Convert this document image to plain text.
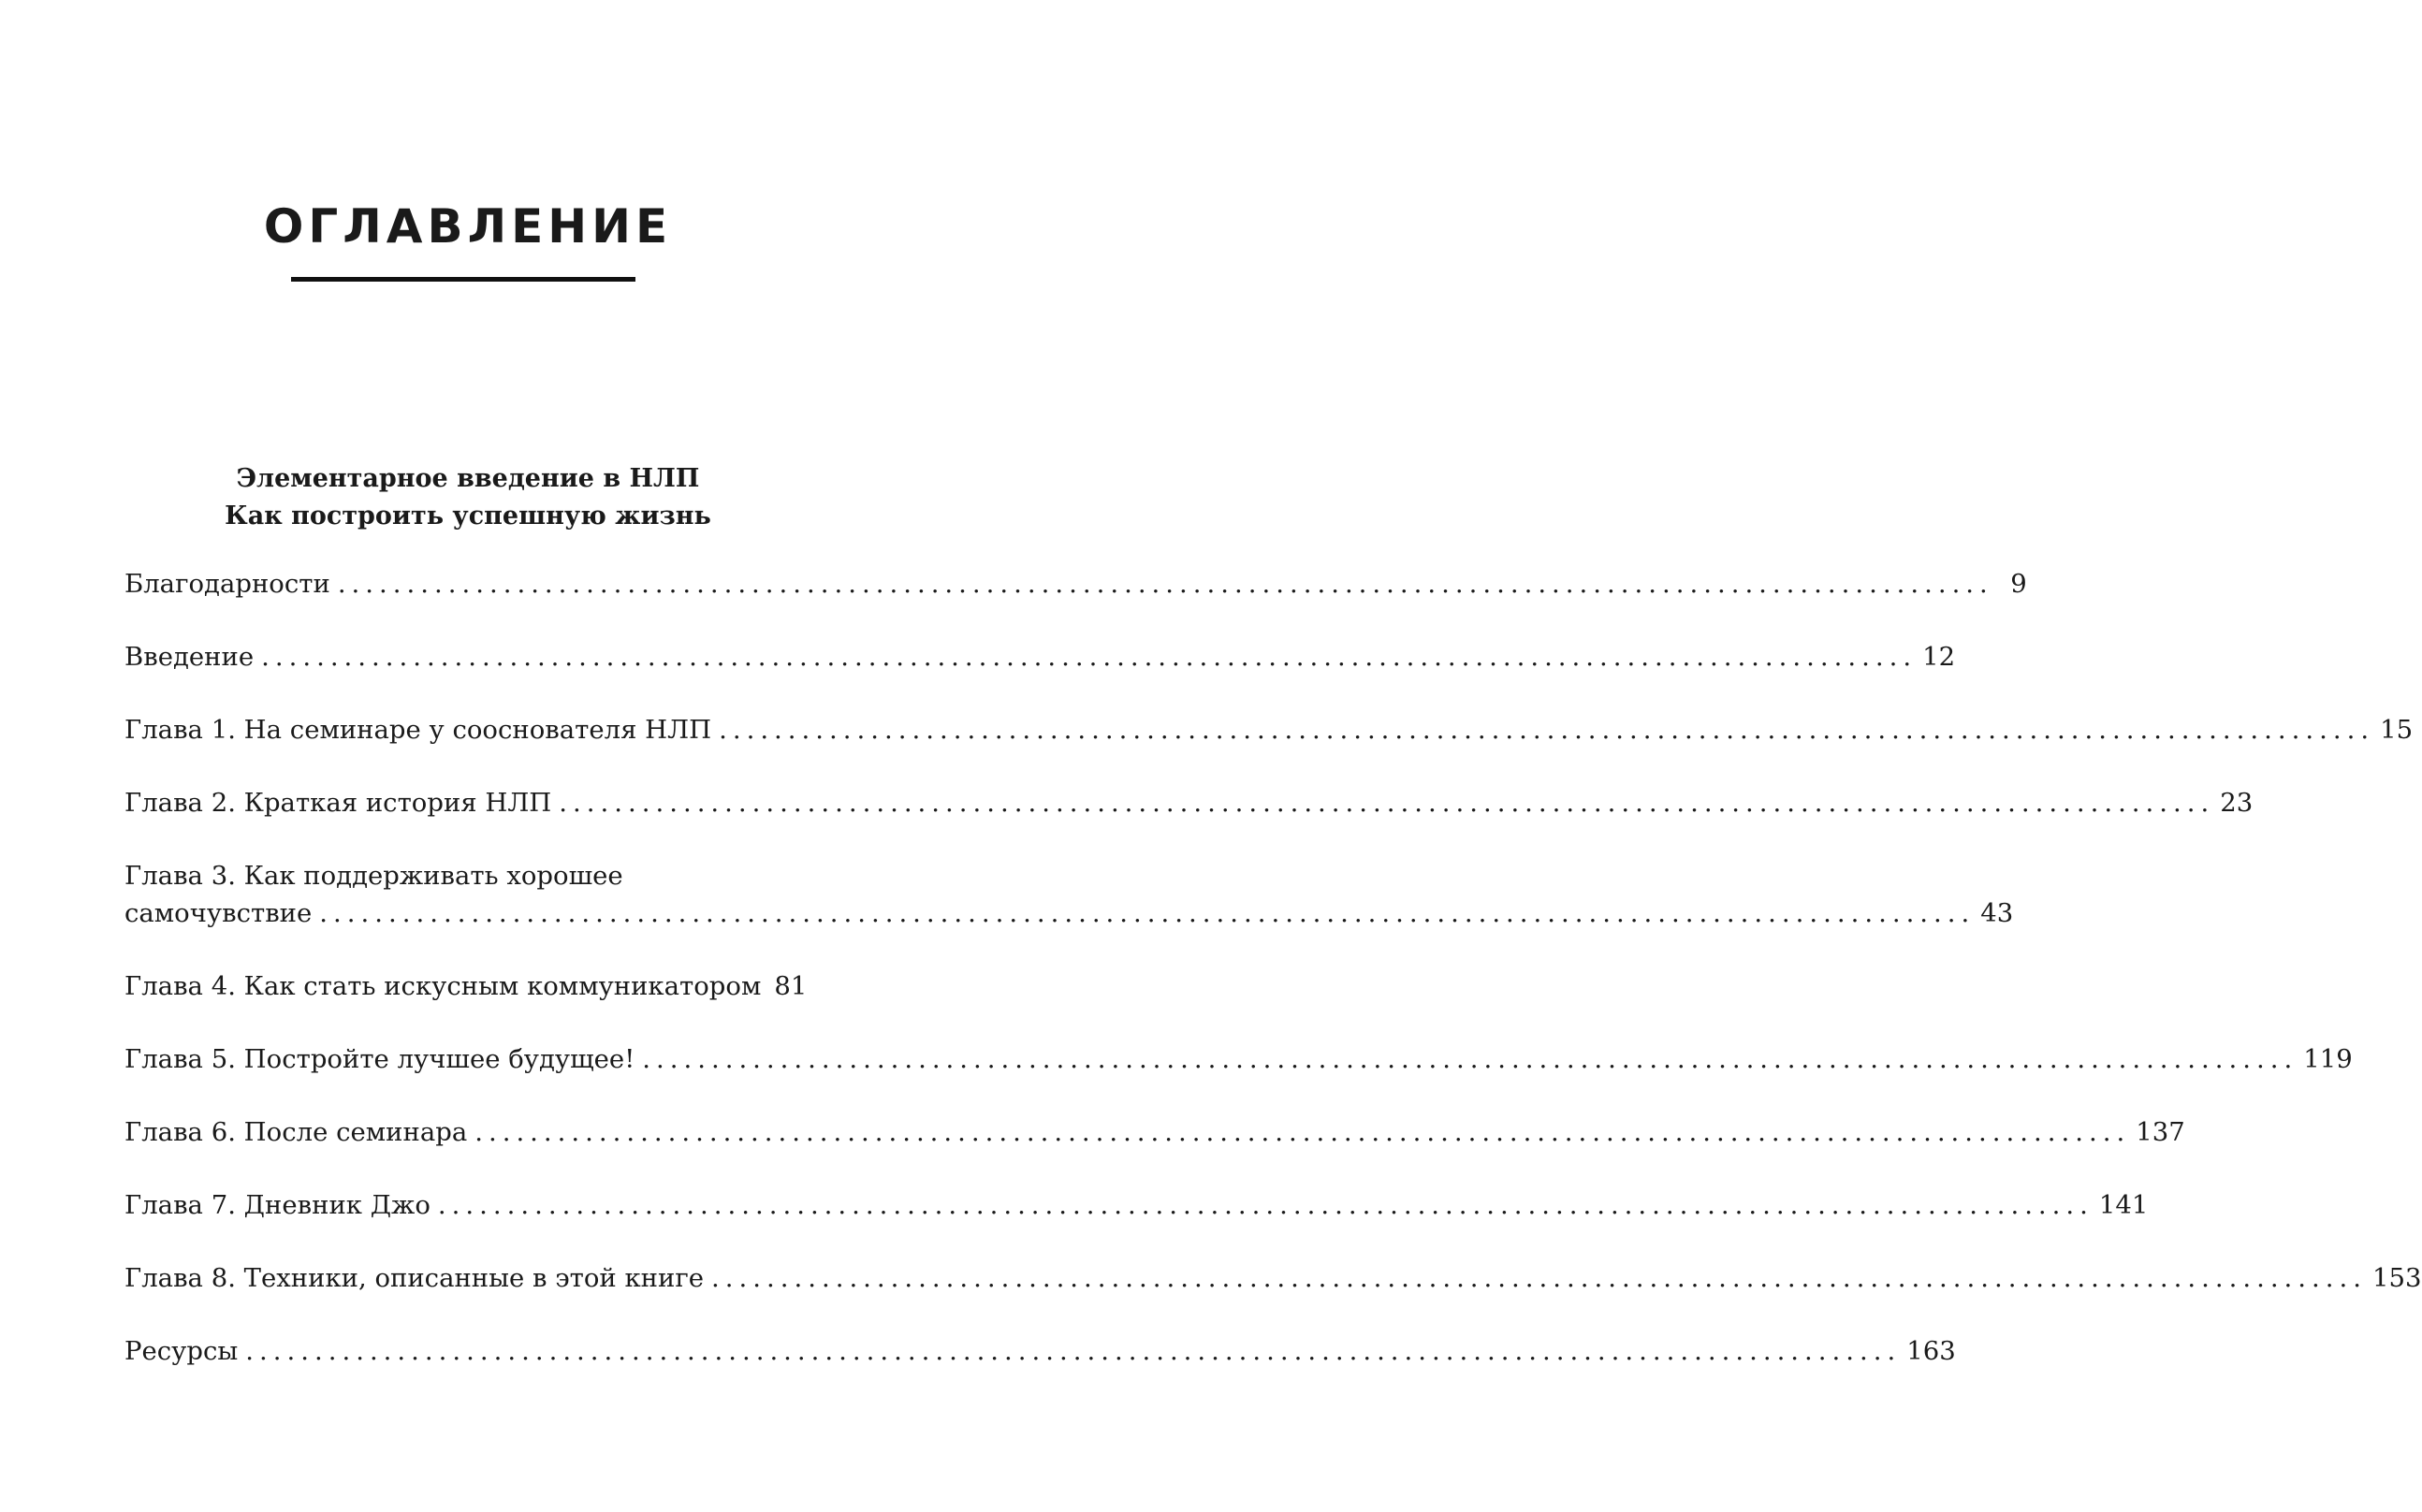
ОГЛАВЛЕНИЕ
Элементарное введение в НЛП
Как построить успешную жизнь
Благодарности ........................................................................................................................ 9
Введение ........................................................................................................................ 12
Глава 1. На семинаре у сооснователя НЛП ........................................................................................................................ 15
Глава 2. Краткая история НЛП ........................................................................................................................ 23
Глава 3. Как поддерживать хорошее
самочувствие ........................................................................................................................ 43
Глава 4. Как стать искусным коммуникатором 81
Глава 5. Постройте лучшее будущее! ........................................................................................................................ 119
Глава 6. После семинара ........................................................................................................................ 137
Глава 7. Дневник Джо ........................................................................................................................ 141
Глава 8. Техники, описанные в этой книге ........................................................................................................................ 153
Ресурсы ........................................................................................................................ 163
